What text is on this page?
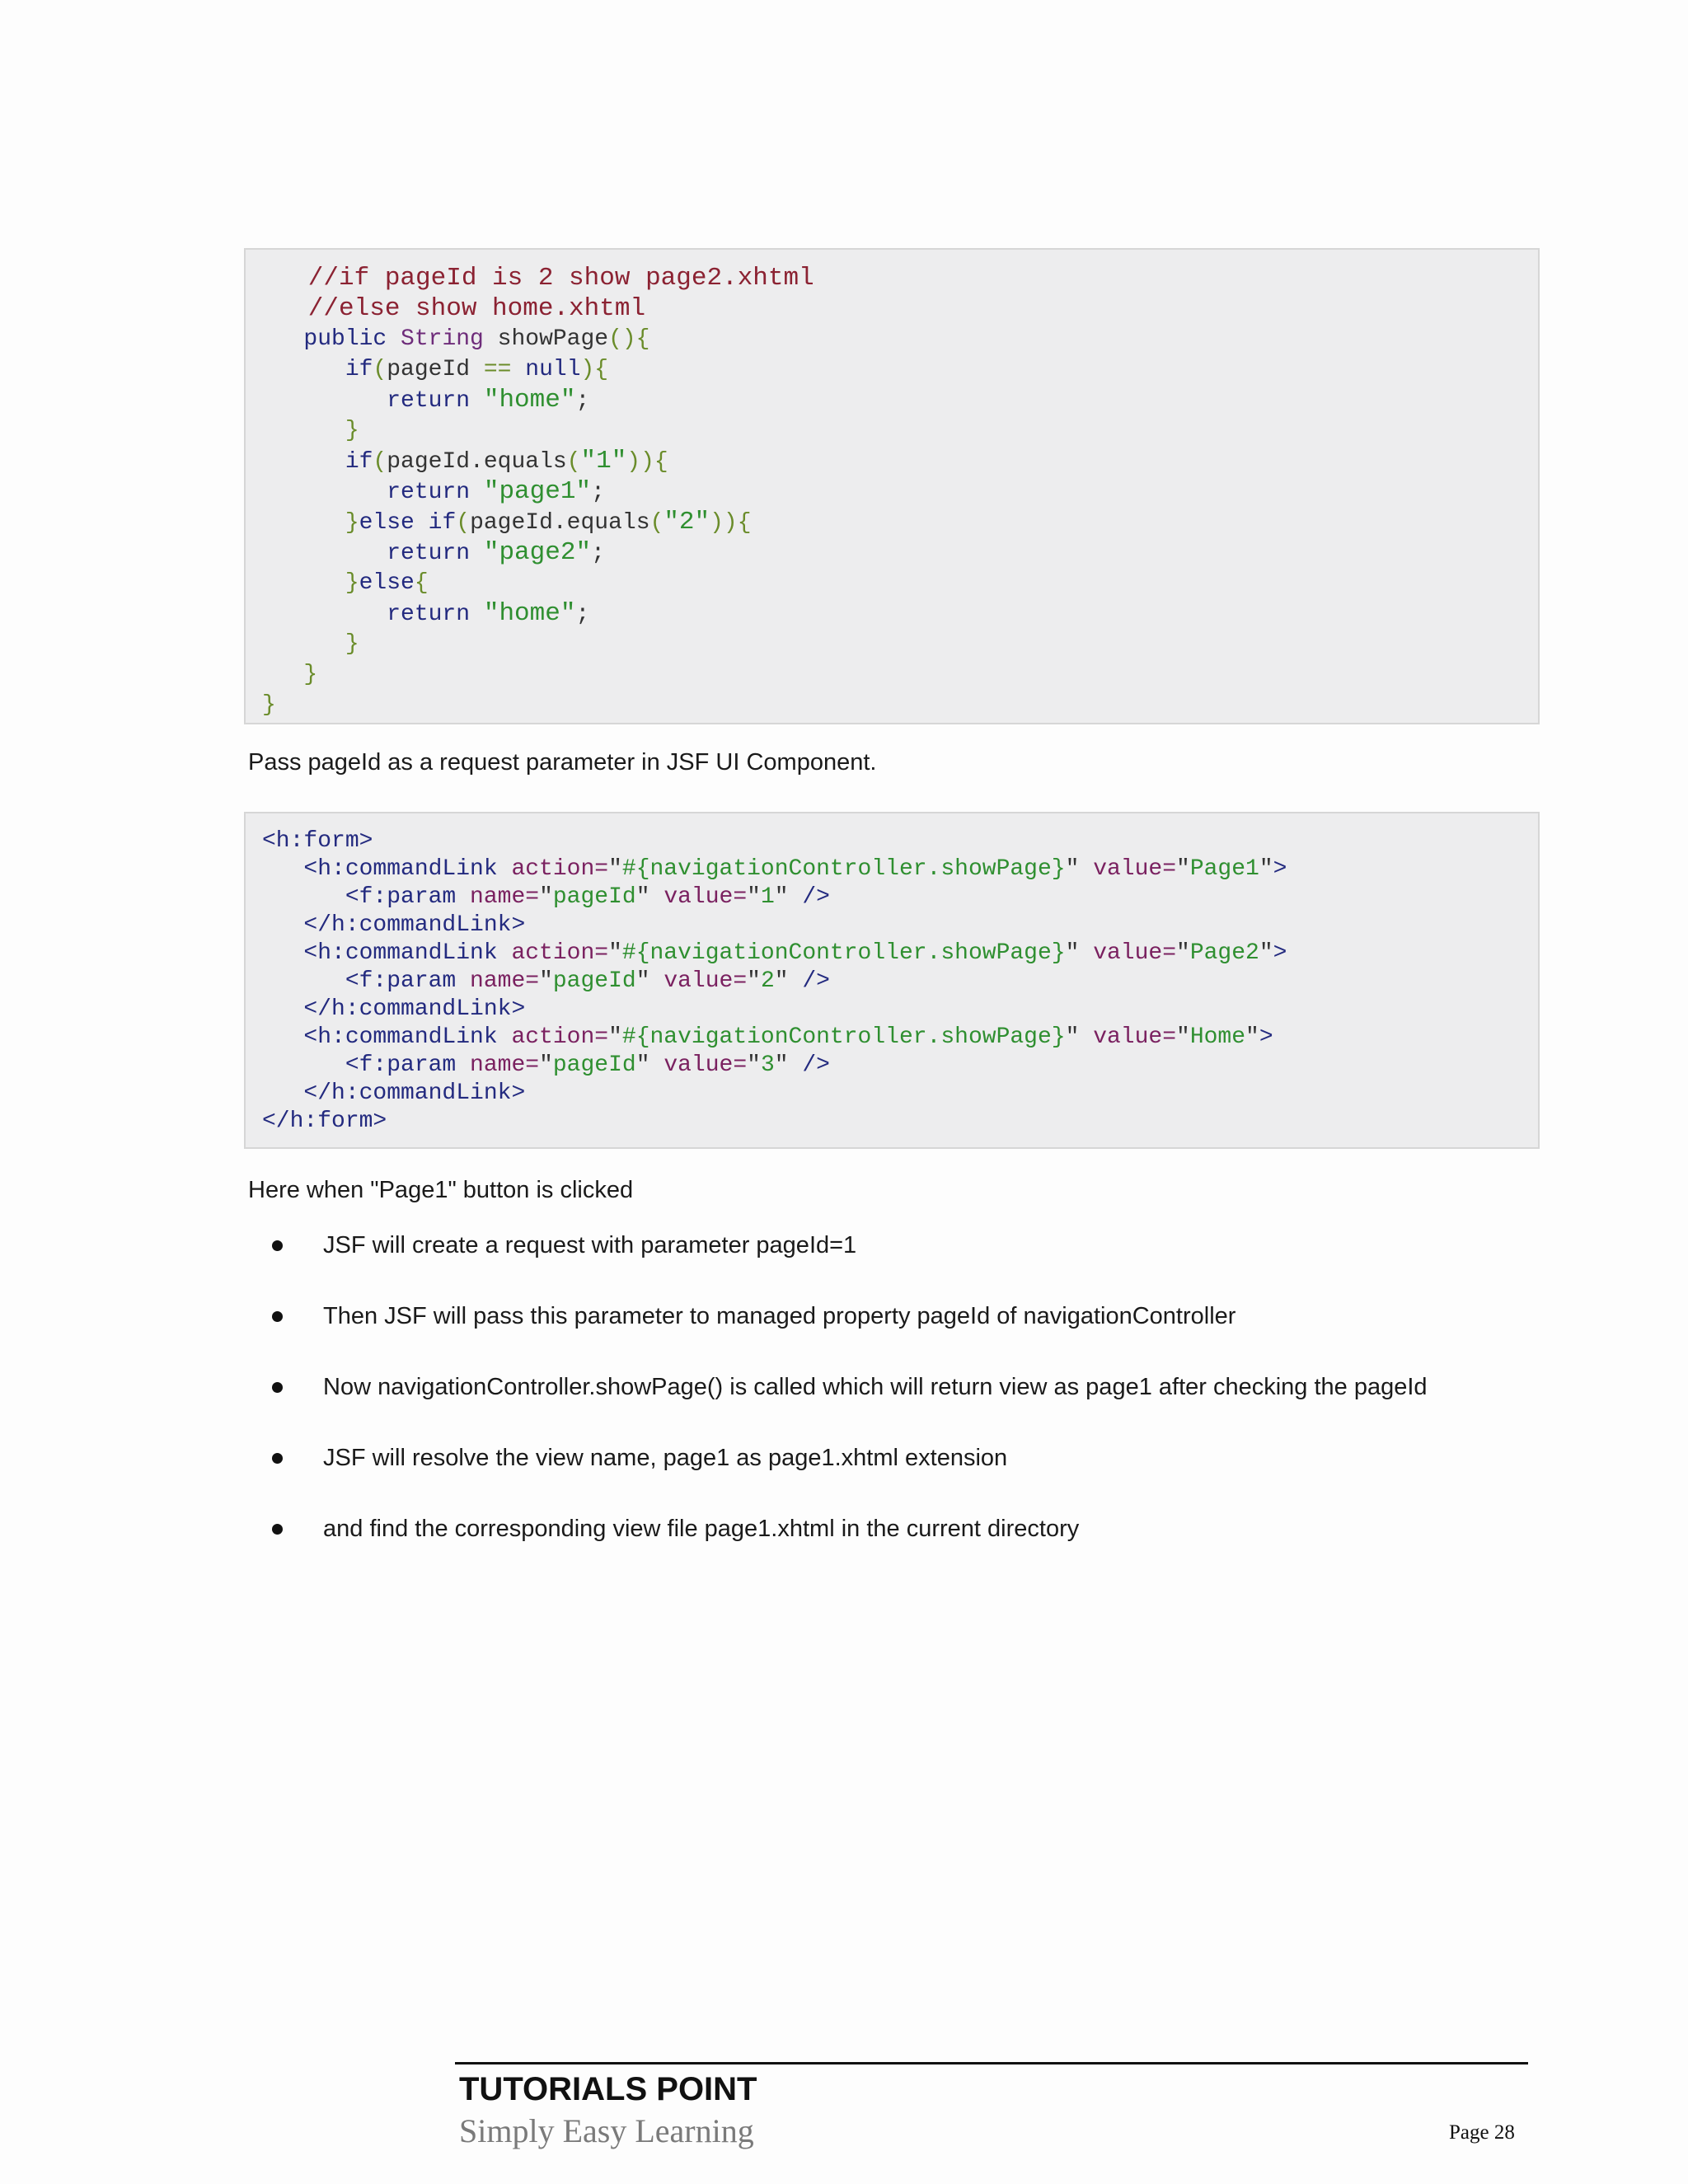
//if pageId is 2 show page2.xhtml
//else show home.xhtml
public String showPage(){
if(pageId == null){
return "home";
}
if(pageId.equals("1")){
return "page1";
}else if(pageId.equals("2")){
return "page2";
}else{
return "home";
}
}
}
Pass pageId as a request parameter in JSF UI Component.
<h:form>
<h:commandLink action="#{navigationController.showPage}" value="Page1">
<f:param name="pageId" value="1" />
</h:commandLink>
<h:commandLink action="#{navigationController.showPage}" value="Page2">
<f:param name="pageId" value="2" />
</h:commandLink>
<h:commandLink action="#{navigationController.showPage}" value="Home">
<f:param name="pageId" value="3" />
</h:commandLink>
</h:form>
Here when "Page1" button is clicked
JSF will create a request with parameter pageId=1
Then JSF will pass this parameter to managed property pageId of navigationController
Now navigationController.showPage() is called which will return view as page1 after checking the pageId
JSF will resolve the view name, page1 as page1.xhtml extension
and find the corresponding view file page1.xhtml in the current directory
TUTORIALS POINT
Simply Easy Learning	Page 28
